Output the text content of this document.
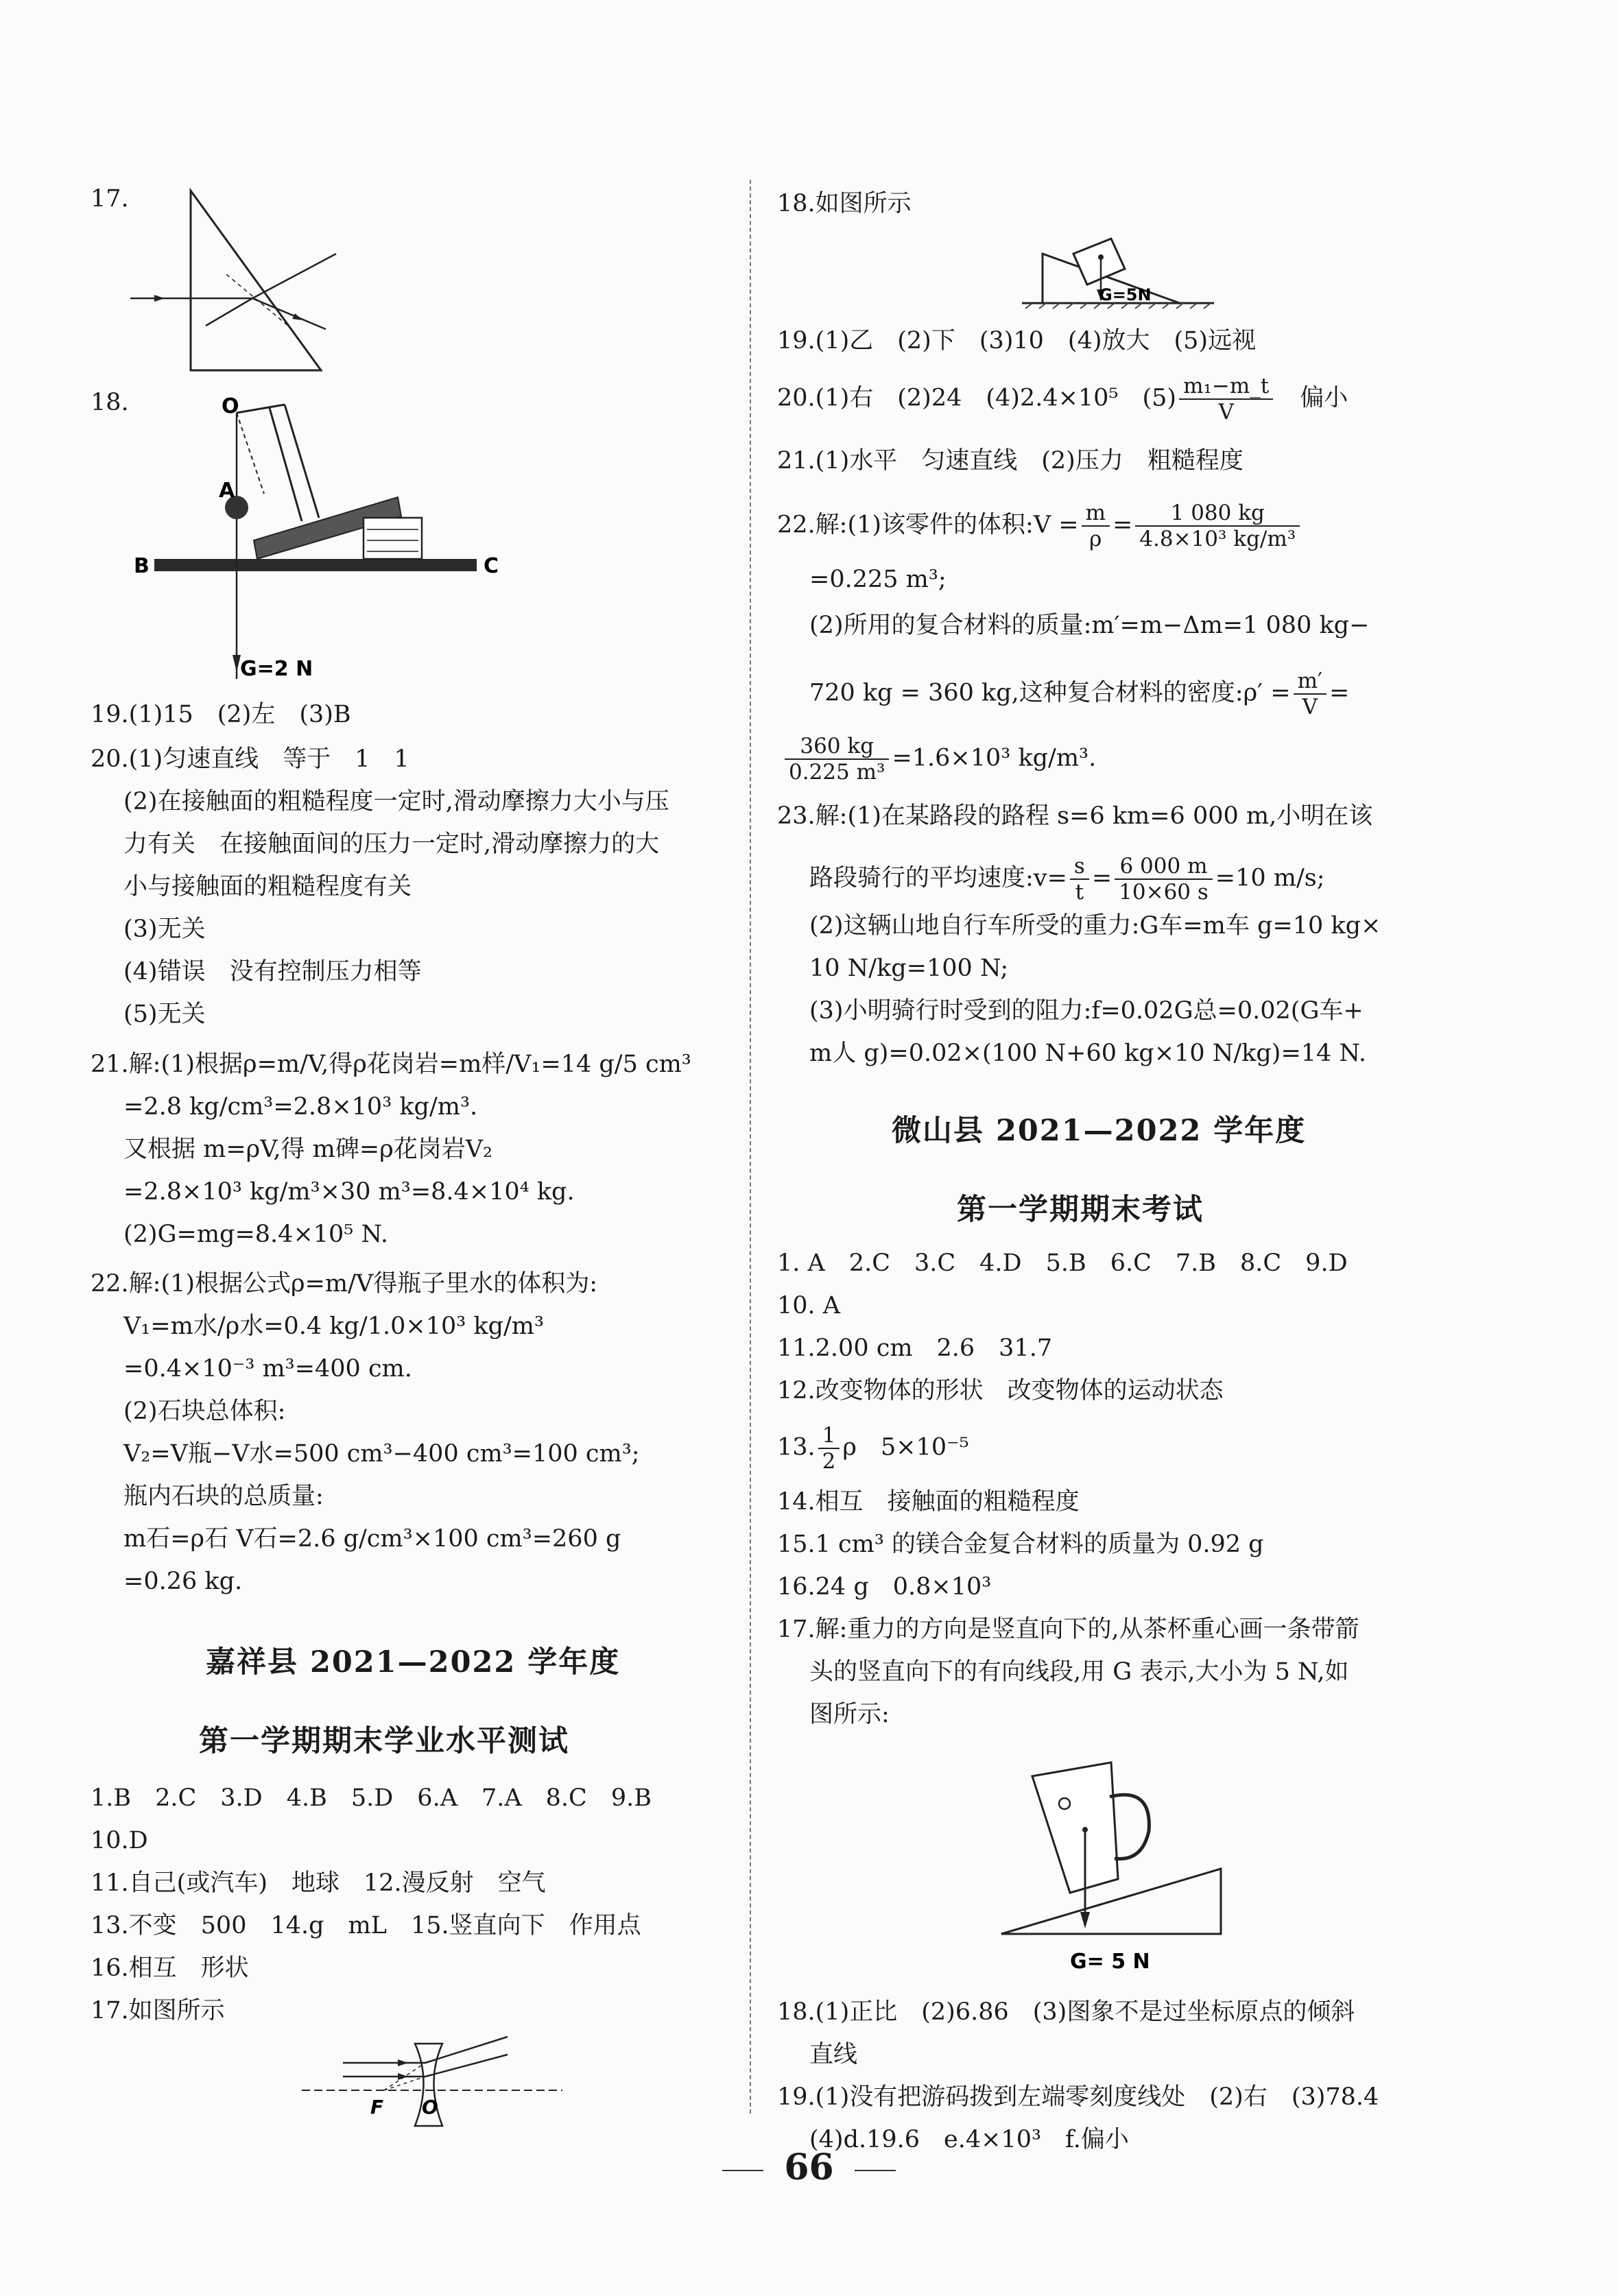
17.
18.	O
A
B	C
G=2 N
19.(1)15　(2)左　(3)B
20.(1)匀速直线　等于　1　1
(2)在接触面的粗糙程度一定时,滑动摩擦力大小与压
力有关　在接触面间的压力一定时,滑动摩擦力的大
小与接触面的粗糙程度有关
(3)无关
(4)错误　没有控制压力相等
(5)无关
21.解:(1)根据ρ=m/V,得ρ花岗岩=m样/V₁=14 g/5 cm³
=2.8 kg/cm³=2.8×10³ kg/m³.
又根据 m=ρV,得 m碑=ρ花岗岩V₂
=2.8×10³ kg/m³×30 m³=8.4×10⁴ kg.
(2)G=mg=8.4×10⁵ N.
22.解:(1)根据公式ρ=m/V得瓶子里水的体积为:
V₁=m水/ρ水=0.4 kg/1.0×10³ kg/m³
=0.4×10⁻³ m³=400 cm.
(2)石块总体积:
V₂=V瓶−V水=500 cm³−400 cm³=100 cm³;
瓶内石块的总质量:
m石=ρ石 V石=2.6 g/cm³×100 cm³=260 g
=0.26 kg.
嘉祥县 2021—2022 学年度
第一学期期末学业水平测试
1.B　2.C　3.D　4.B　5.D　6.A　7.A　8.C　9.B
10.D
11.自己(或汽车)　地球　12.漫反射　空气
13.不变　500　14.g　mL　15.竖直向下　作用点
16.相互　形状
17.如图所示
F O
18.如图所示
G=5N
19.(1)乙　(2)下　(3)10　(4)放大　(5)远视
20.(1)右　(2)24　(4)2.4×10⁵　$(5) \frac{\text{m₁−m\_t}}{V}$
　 偏小
21.(1)水平　匀速直线　(2)压力　粗糙程度
22.解:(1)该零件的体积:V = $\frac{m}{\rho} = \frac{1 080 kg}{\text{4.8×10³ kg/m³}}$
=0.225 m³;
(2)所用的复合材料的质量:m′=m−Δm=1 080 kg−
720 kg = 360 kg,这种复合材料的密度:ρ′ = $\frac{m'}{V}$ =
$\frac{360 kg}{\text{0.225 m³}} =1.6\times 10^3$ kg/m³.
23.解:(1)在某路段的路程 s=6 km=6 000 m,小明在该
路段骑行的平均速度:v= $\frac{s}{t} = \frac{6 000 m}{10\times 60 s} =10$ m/s;
(2)这辆山地自行车所受的重力:G车=m车 g=10 kg×
10 N/kg=100 N;
(3)小明骑行时受到的阻力:f=0.02G总=0.02(G车+
m人 g)=0.02×(100 N+60 kg×10 N/kg)=14 N.
微山县 2021—2022 学年度
第一学期期末考试
1. A　2.C　3.C　4.D　5.B　6.C　7.B　8.C　9.D
10. A
11.2.00 cm　2.6　31.7
12.改变物体的形状　改变物体的运动状态
13. $\frac{1}{2}$ ρ　5×10⁻⁵
14.相互　接触面的粗糙程度
15.1 cm³ 的镁合金复合材料的质量为 0.92 g
16.24 g　0.8×10³
17.解:重力的方向是竖直向下的,从茶杯重心画一条带箭
头的竖直向下的有向线段,用 G 表示,大小为 5 N,如
图所示:
G= 5 N
18.(1)正比　(2)6.86　(3)图象不是过坐标原点的倾斜
直线
19.(1)没有把游码拨到左端零刻度线处　(2)右　(3)78.4
(4)d.19.6　e.4×10³　f.偏小
66
